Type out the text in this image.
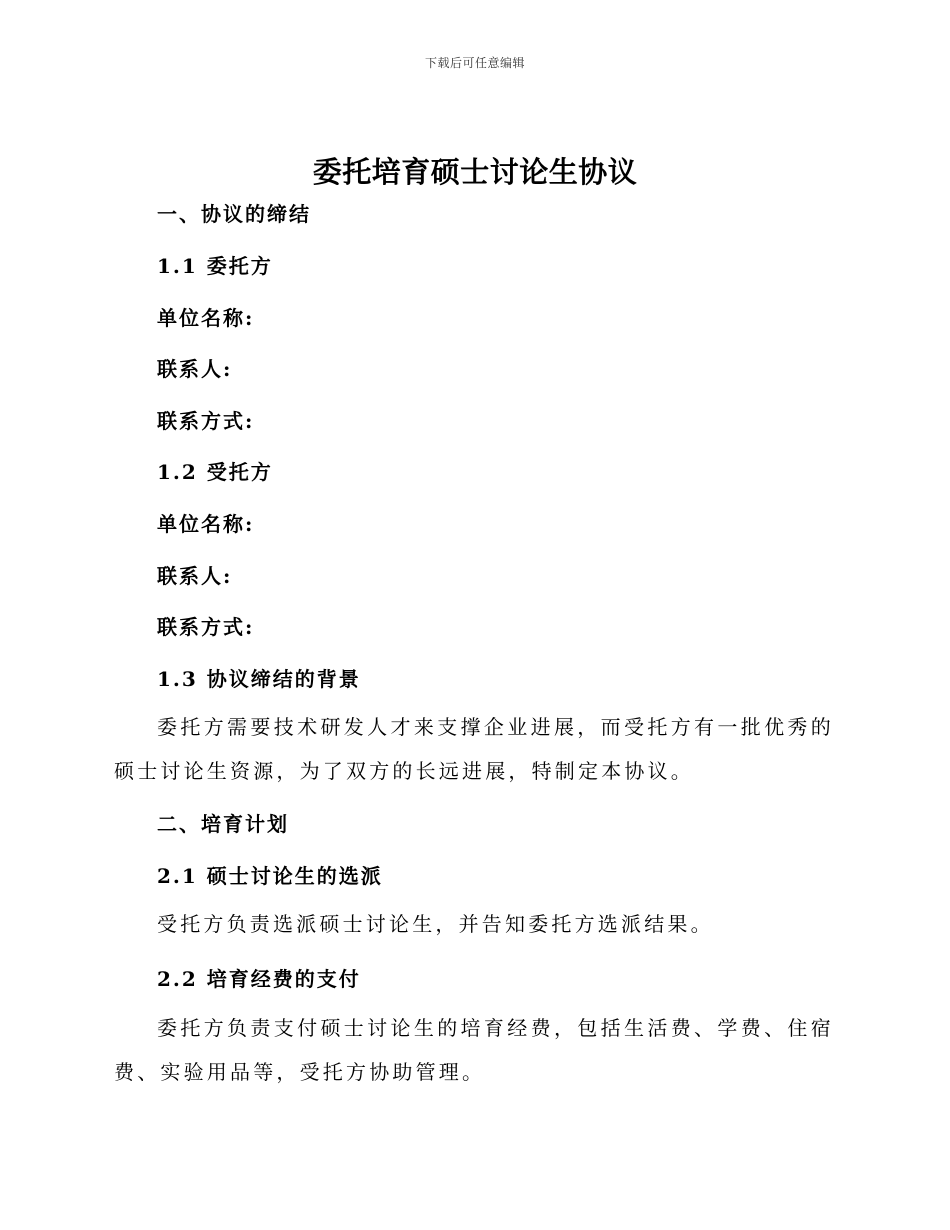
下载后可任意编辑
委托培育硕士讨论生协议

一、协议的缔结

1.1 委托方

单位名称:

联系人:

联系方式:

1.2 受托方

单位名称:

联系人:

联系方式:

1.3 协议缔结的背景

委托方需要技术研发人才来支撑企业进展，而受托方有一批优秀的硕士讨论生资源，为了双方的长远进展，特制定本协议。

二、培育计划

2.1 硕士讨论生的选派

受托方负责选派硕士讨论生，并告知委托方选派结果。

2.2 培育经费的支付

委托方负责支付硕士讨论生的培育经费，包括生活费、学费、住宿费、实验用品等，受托方协助管理。
